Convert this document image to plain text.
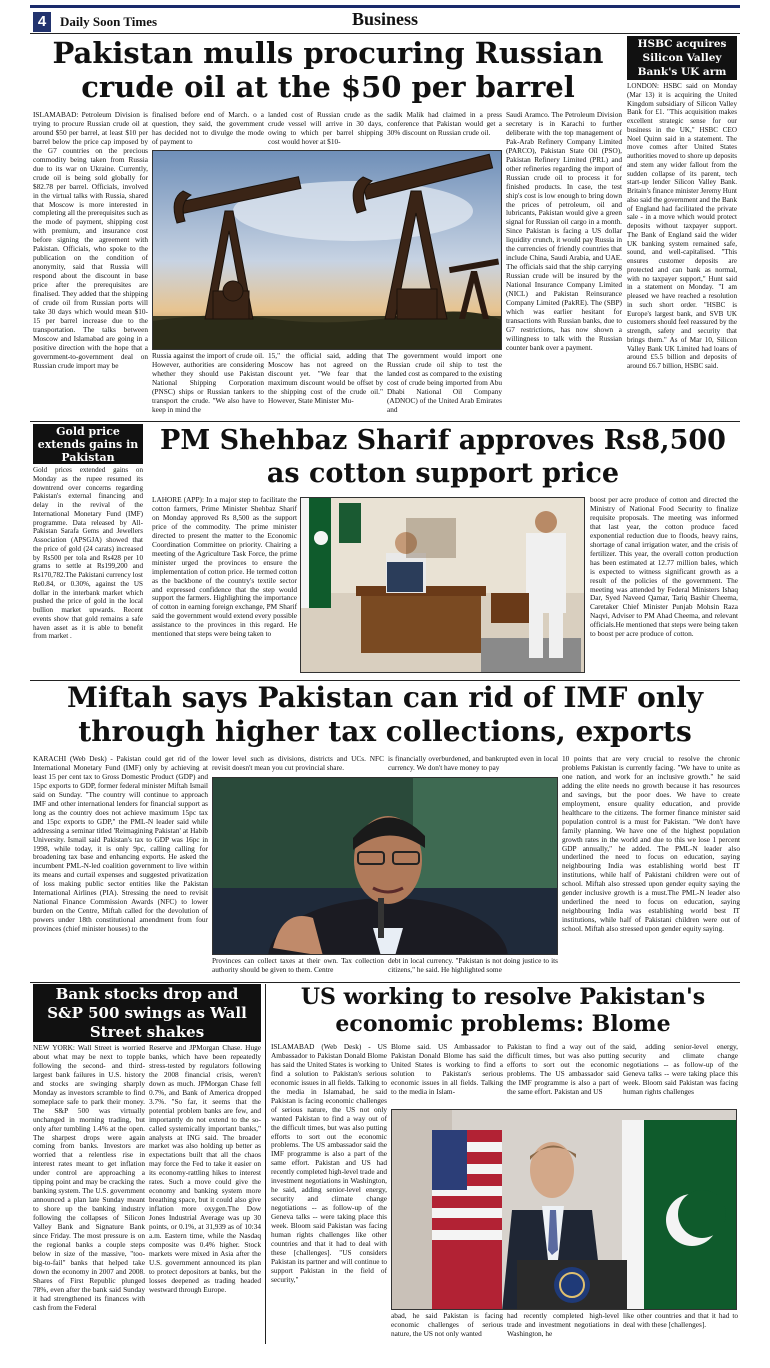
4	Daily Soon Times	Business
Pakistan mulls procuring Russian crude oil at the $50 per barrel
ISLAMABAD: Petroleum Division is trying to procure Russian crude oil at around $50 per barrel, at least $10 per barrel below the price cap imposed by the G7 countries on the precious commodity being taken from Russia due to its war on Ukraine. Currently, crude oil is being sold globally for $82.78 per barrel. Officials, involved in the virtual talks with Russia, shared that Moscow is more interested in completing all the prerequisites such as the mode of payment, shipping cost with premium, and insurance cost before signing the agreement with Pakistan. Officials, who spoke to the publication on the condition of anonymity, said that Russia will respond about the discount in base price after the prerequisites are finalised. They added that the shipping of crude oil from Russian ports will take 30 days which would mean $10-15 per barrel increase due to the transportation. The talks between Moscow and Islamabad are going in a positive direction with the hope that a government-to-government deal on Russian crude import may be
finalised before end of March. o a question, they said, the government has decided not to divulge the mode of payment to
landed cost of Russian crude as the crude vessel will arrive in 30 days, owing to which per barrel shipping cost would hover at $10-
sadik Malik had claimed in a press conference that Pakistan would get a 30% discount on Russian crude oil.
Russia against the import of crude oil. However, authorities are considering whether they should use Pakistan National Shipping Corporation (PNSC) ships or Russian tankers to transport the crude. "We also have to keep in mind the
15," the official said, adding that Moscow has not agreed on the discount yet. "We fear that the maximum discount would be offset by the shipping cost of the crude oil." However, State Minister Mu-
The government would import one Russian crude oil ship to test the landed cost as compared to the existing cost of crude being imported from Abu Dhabi National Oil Company (ADNOC) of the United Arab Emirates and
Saudi Aramco. The Petroleum Division secretary is in Karachi to further deliberate with the top management of Pak-Arab Refinery Company Limited (PARCO), Pakistan State Oil (PSO), Pakistan Refinery Limited (PRL) and other refineries regarding the import of Russian crude oil to process it for finished products. In case, the test ship's cost is low enough to bring down the prices of petroleum, oil and lubricants, Pakistan would give a green signal for Russian oil cargo in a month. Since Pakistan is facing a US dollar liquidity crunch, it would pay Russia in the currencies of friendly countries that include China, Saudi Arabia, and UAE. The officials said that the ship carrying Russian crude will be insured by the National Insurance Company Limited (NICL) and Pakistan Reinsurance Company Limited (PakRE). The (SBP) which was earlier hesitant for transactions with Russian banks, due to G7 restrictions, has now shown a willingness to talk with the Russian counter bank over a payment.
HSBC acquires Silicon Valley Bank's UK arm
LONDON: HSBC said on Monday (Mar 13) it is acquiring the United Kingdom subsidiary of Silicon Valley Bank for £1. "This acquisition makes excellent strategic sense for our business in the UK," HSBC CEO Noel Quinn said in a statement. The move comes after United States authorities moved to shore up deposits and stem any wider fallout from the sudden collapse of its parent, tech start-up lender Silicon Valley Bank. Britain's finance minister Jeremy Hunt also said the government and the Bank of England had facilitated the private sale - in a move which would protect deposits without taxpayer support. The Bank of England said the wider UK banking system remained safe, sound, and well-capitalised. "This ensures customer deposits are protected and can bank as normal, with no taxpayer support," Hunt said in a statement on Monday. "I am pleased we have reached a resolution in such short order. "HSBC is Europe's largest bank, and SVB UK customers should feel reassured by the strength, safety and security that brings them." As of Mar 10, Silicon Valley Bank UK Limited had loans of around £5.5 billion and deposits of around £6.7 billion, HSBC said.
Gold price extends gains in Pakistan
Gold prices extended gains on Monday as the rupee resumed its downtrend over concerns regarding Pakistan's external financing and delay in the revival of the International Monetary Fund (IMF) programme. Data released by All-Pakistan Sarafa Gems and Jewellers Association (APSGJA) showed that the price of gold (24 carats) increased by Rs500 per tola and Rs428 per 10 grams to settle at Rs199,200 and Rs170,782.The Pakistani currency lost Re0.84, or 0.30%, against the US dollar in the interbank market which pushed the price of gold in the local bullion market upwards. Recent events show that gold remains a safe haven asset as it is able to benefit from market .
PM Shehbaz Sharif approves Rs8,500 as cotton support price
LAHORE (APP): In a major step to facilitate the cotton farmers, Prime Minister Shehbaz Sharif on Monday approved Rs 8,500 as the support price of the commodity. The prime minister directed to present the matter to the Economic Coordination Committee on priority. Chairing a meeting of the Agriculture Task Force, the prime minister urged the provinces to ensure the implementation of cotton price. He termed cotton as the backbone of the country's textile sector and expressed confidence that the step would support the farmers. Highlighting the importance of cotton in earning foreign exchange, PM Sharif said the government would extend every possible assistance to the provinces in this regard. He mentioned that steps were being taken to
boost per acre produce of cotton and directed the Ministry of National Food Security to finalize requisite proposals. The meeting was informed that last year, the cotton produce faced exponential reduction due to floods, heavy rains, shortage of canal irrigation water, and the crisis of fertilizer. This year, the overall cotton production has been estimated at 12.77 million bales, which is expected to witness significant growth as a result of the policies of the government. The meeting was attended by Federal Ministers Ishaq Dar, Syed Naveed Qamar, Tariq Bashir Cheema, Caretaker Chief Minister Punjab Mohsin Raza Naqvi, Adviser to PM Ahad Cheema, and relevant officials.He mentioned that steps were being taken to boost per acre produce of cotton.
Miftah says Pakistan can rid of IMF only through higher tax collections, exports
KARACHI (Web Desk) - Pakistan could get rid of the International Monetary Fund (IMF) only by achieving at least 15 per cent tax to Gross Domestic Product (GDP) and 15pc exports to GDP, former federal minister Miftah Ismail said on Sunday. "The country will continue to approach IMF and other international lenders for financial support as long as the country does not achieve maximum 15pc tax and 15pc exports to GDP," the PML-N leader said while addressing a seminar titled 'Reimagining Pakistan' at Habib University. Ismail said Pakistan's tax to GDP was 16pc in 1998, while today, it is only 9pc, calling calling for broadening tax base and enhancing exports. He asked the incumbent PML-N-led coalition government to live within its means and curtail expenses and suggested privatization of loss making public sector entities like the Pakistan International Airlines (PIA). Stressing the need to revisit National Finance Commission Awards (NFC) to lower burden on the Centre, Miftah called for the devolution of powers under 18th constitutional amendment from four provinces (chief minister houses) to the
lower level such as divisions, districts and UCs. NFC revisit doesn't mean you cut provincial share.
is financially overburdened, and bankrupted even in local currency. We don't have money to pay
Provinces can collect taxes at their own. Tax collection authority should be given to them. Centre
debt in local currency. "Pakistan is not doing justice to its citizens," he said. He highlighted some
10 points that are very crucial to resolve the chronic problems Pakistan is currently facing. "We have to unite as one nation, and work for an inclusive growth." he said adding the elite needs no growth because it has resources and savings, but the poor does. We have to create employment, ensure quality education, and provide healthcare to the citizens. The former finance minister said population control is a must for Pakistan. "We don't have family planning. We have one of the highest population growth rates in the world and due to this we lose 1 percent GDP annually," he added. The PML-N leader also underlined the need to focus on education, saying neighbouring India was establishing world best IT institutions, while half of Pakistani children were out of school. Miftah also stressed upon gender equity saying the gender inclusive growth is a must.The PML-N leader also underlined the need to focus on education, saying neighbouring India was establishing world best IT institutions, while half of Pakistani children were out of school. Miftah also stressed upon gender equity saying.
Bank stocks drop and S&P 500 swings as Wall Street shakes
NEW YORK: Wall Street is worried about what may be next to topple following the second- and third-largest bank failures in U.S. history and stocks are swinging sharply Monday as investors scramble to find someplace safe to park their money. The S&P 500 was virtually unchanged in morning trading, but only after tumbling 1.4% at the open. The sharpest drops were again coming from banks. Investors are worried that a relentless rise in interest rates meant to get inflation under control are approaching a tipping point and may be cracking the banking system. The U.S. government announced a plan late Sunday meant to shore up the banking industry following the collapses of Silicon Valley Bank and Signature Bank since Friday. The most pressure is on the regional banks a couple steps below in size of the massive, "too-big-to-fail" banks that helped take down the economy in 2007 and 2008. Shares of First Republic plunged 78%, even after the bank said Sunday it had strengthened its finances with cash from the Federal
Reserve and JPMorgan Chase. Huge banks, which have been repeatedly stress-tested by regulators following the 2008 financial crisis, weren't down as much. JPMorgan Chase fell 0.7%, and Bank of America dropped 3.7%. "So far, it seems that the potential problem banks are few, and importantly do not extend to the so-called systemically important banks," analysts at ING said. The broader market was also holding up better as expectations built that all the chaos may force the Fed to take it easier on its economy-rattling hikes to interest rates. Such a move could give the economy and banking system more breathing space, but it could also give inflation more oxygen.The Dow Jones Industrial Average was up 30 points, or 0.1%, at 31,939 as of 10:34 a.m. Eastern time, while the Nasdaq composite was 0.4% higher. Stock markets were mixed in Asia after the U.S. government announced its plan to protect depositors at banks, but the losses deepened as trading headed westward through Europe.
US working to resolve Pakistan's economic problems: Blome
ISLAMABAD (Web Desk) - US Ambassador to Pakistan Donald Blome has said the United States is working to find a solution to Pakistan's serious economic issues in all fields. Talking to the media in Islamabad, he said Pakistan is facing economic challenges of serious nature, the US not only wanted Pakistan to find a way out of the difficult times, but was also putting efforts to sort out the economic problems. The US ambassador said the IMF programme is also a part of the same effort. Pakistan and US had recently completed high-level trade and investment negotiations in Washington, he said, adding senior-level energy, security and climate change negotiations -- as follow-up of the Geneva talks -- were taking place this week. Bloom said Pakistan was facing human rights challenges like other countries and that it had to deal with these [challenges]. "US considers Pakistan its partner and will continue to support Pakistan in the field of security,"
Blome said. US Ambassador to Pakistan Donald Blome has said the United States is working to find a solution to Pakistan's serious economic issues in all fields. Talking to the media in Islam-
Pakistan to find a way out of the difficult times, but was also putting efforts to sort out the economic problems. The US ambassador said the IMF programme is also a part of the same effort. Pakistan and US
said, adding senior-level energy, security and climate change negotiations -- as follow-up of the Geneva talks -- were taking place this week. Bloom said Pakistan was facing human rights challenges
abad, he said Pakistan is facing economic challenges of serious nature, the US not only wanted
had recently completed high-level trade and investment negotiations in Washington, he
like other countries and that it had to deal with these [challenges].
